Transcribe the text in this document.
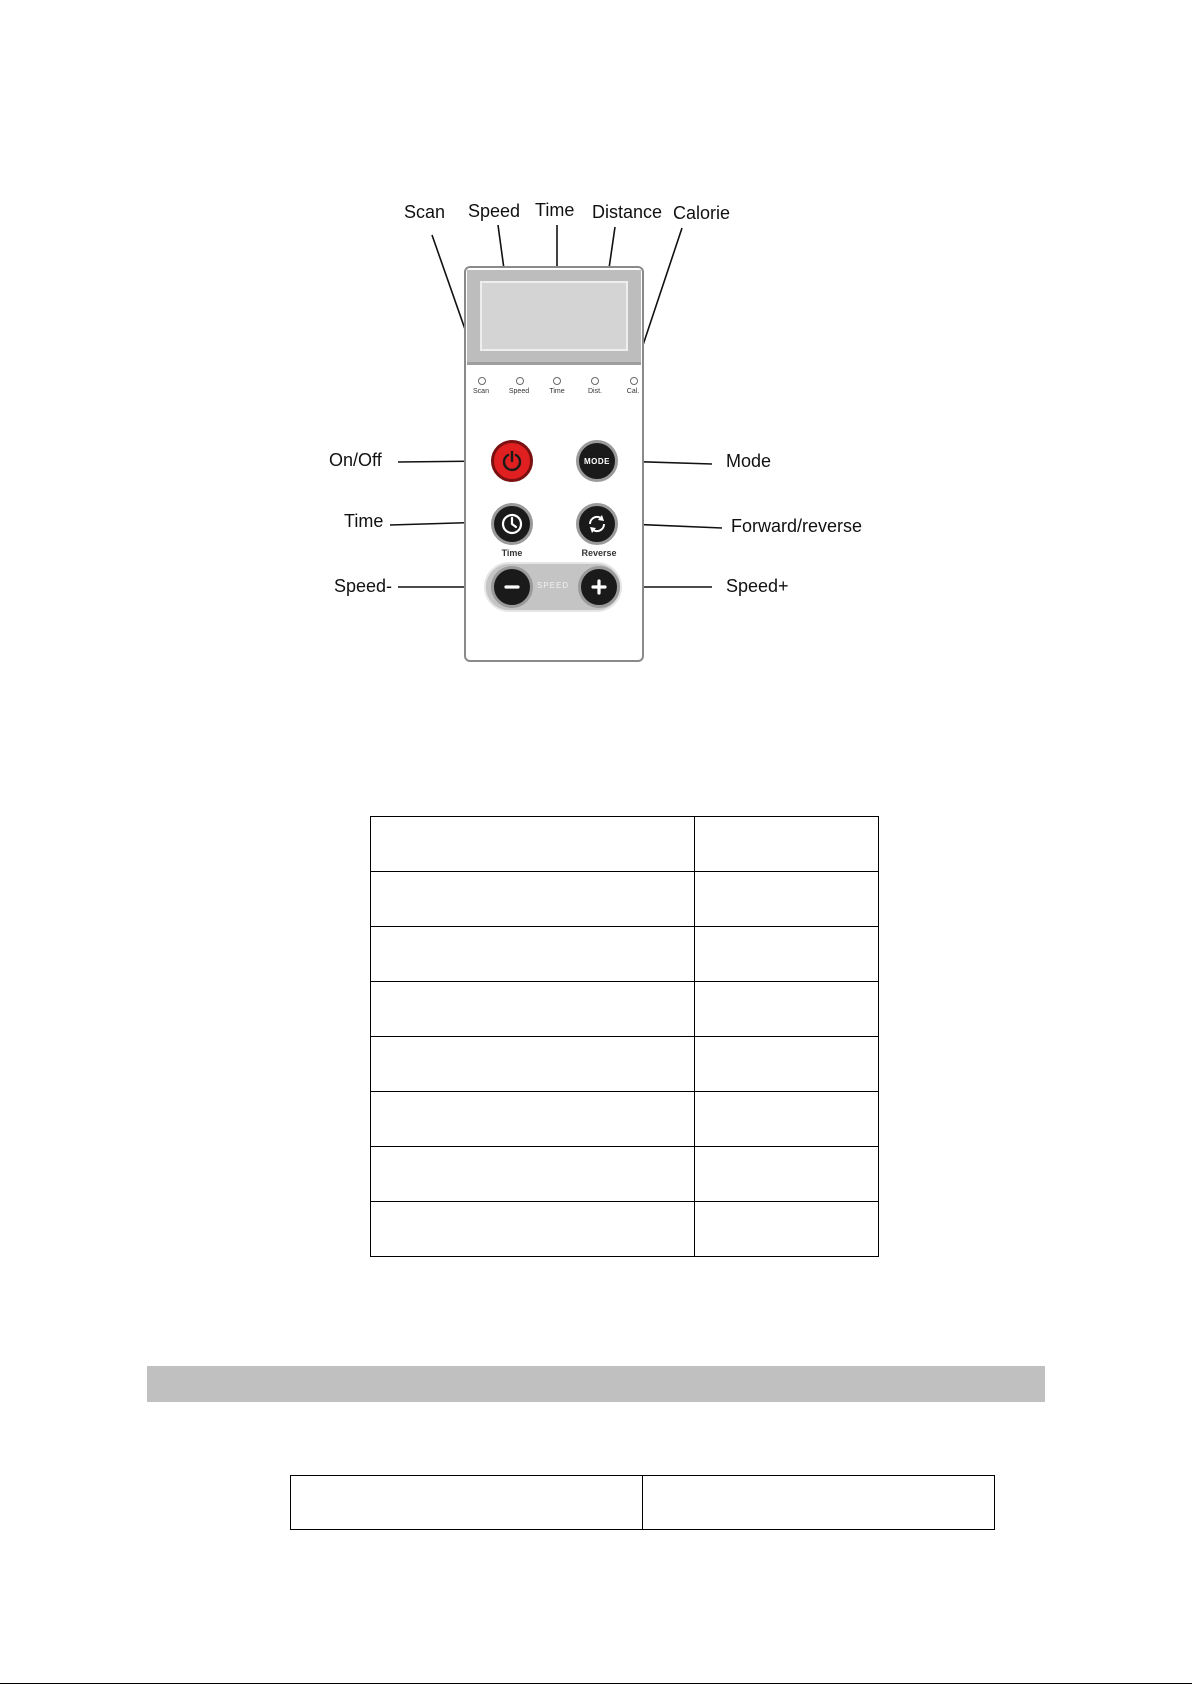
Scan Speed Time Distance Calorie
Scan	Speed	Time	Dist.	Cal.
MODE
Time	Reverse
SPEED
On/Off	Mode
Time	Forward/reverse
Speed-	Speed+
